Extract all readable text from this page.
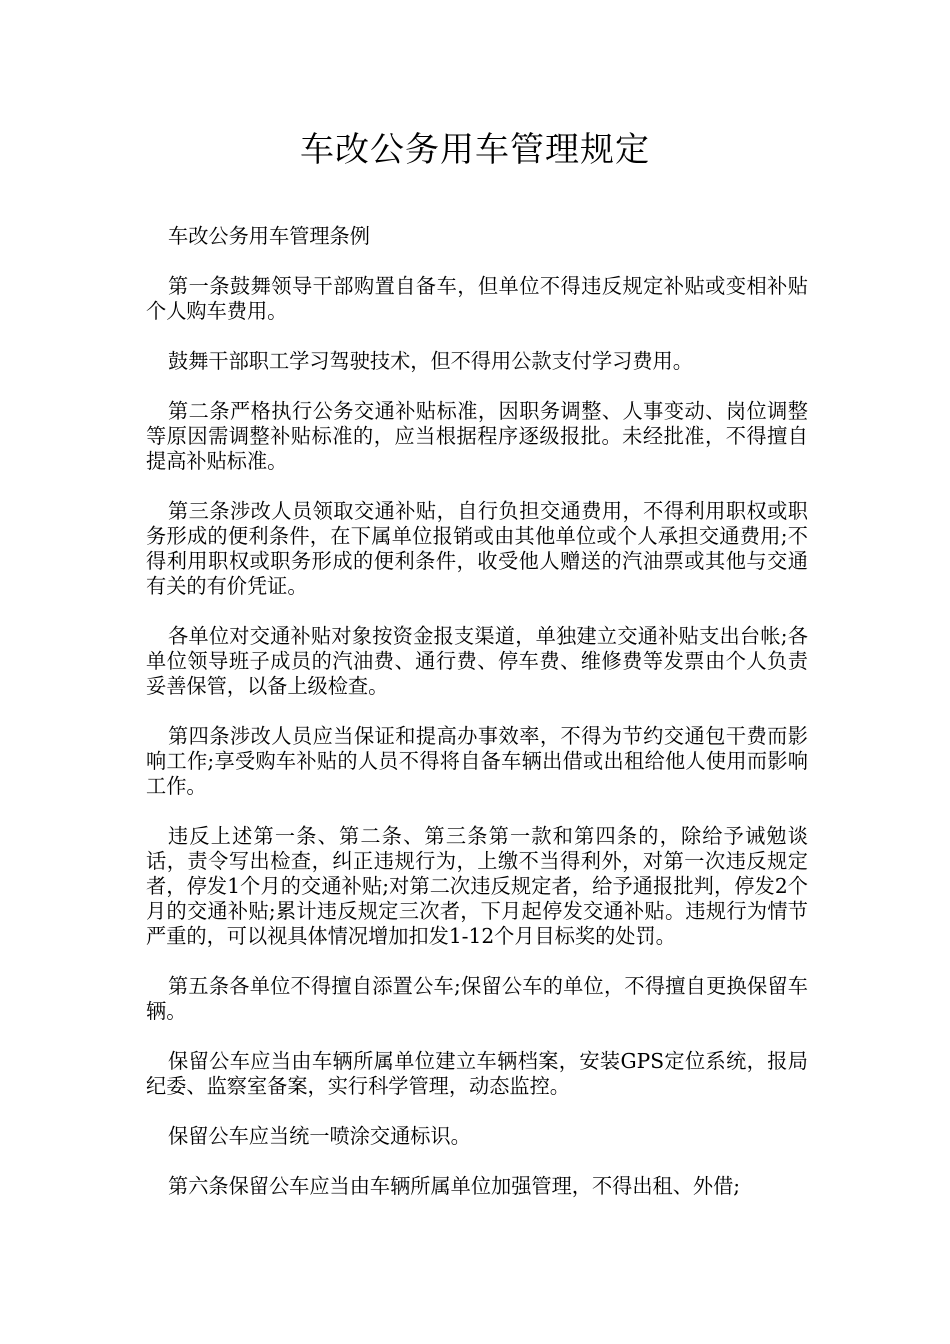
车改公务用车管理规定

车改公务用车管理条例

第一条鼓舞领导干部购置自备车，但单位不得违反规定补贴或变相补贴个人购车费用。

鼓舞干部职工学习驾驶技术，但不得用公款支付学习费用。

第二条严格执行公务交通补贴标准，因职务调整、人事变动、岗位调整等原因需调整补贴标准的，应当根据程序逐级报批。未经批准，不得擅自提高补贴标准。

第三条涉改人员领取交通补贴，自行负担交通费用，不得利用职权或职务形成的便利条件，在下属单位报销或由其他单位或个人承担交通费用;不得利用职权或职务形成的便利条件，收受他人赠送的汽油票或其他与交通有关的有价凭证。

各单位对交通补贴对象按资金报支渠道，单独建立交通补贴支出台帐;各单位领导班子成员的汽油费、通行费、停车费、维修费等发票由个人负责妥善保管，以备上级检查。

第四条涉改人员应当保证和提高办事效率，不得为节约交通包干费而影响工作;享受购车补贴的人员不得将自备车辆出借或出租给他人使用而影响工作。

违反上述第一条、第二条、第三条第一款和第四条的，除给予诫勉谈话，责令写出检查，纠正违规行为，上缴不当得利外，对第一次违反规定者，停发1个月的交通补贴;对第二次违反规定者，给予通报批判，停发2个月的交通补贴;累计违反规定三次者，下月起停发交通补贴。违规行为情节严重的，可以视具体情况增加扣发1-12个月目标奖的处罚。

第五条各单位不得擅自添置公车;保留公车的单位，不得擅自更换保留车辆。

保留公车应当由车辆所属单位建立车辆档案，安装GPS定位系统，报局纪委、监察室备案，实行科学管理，动态监控。

保留公车应当统一喷涂交通标识。

第六条保留公车应当由车辆所属单位加强管理，不得出租、外借;
